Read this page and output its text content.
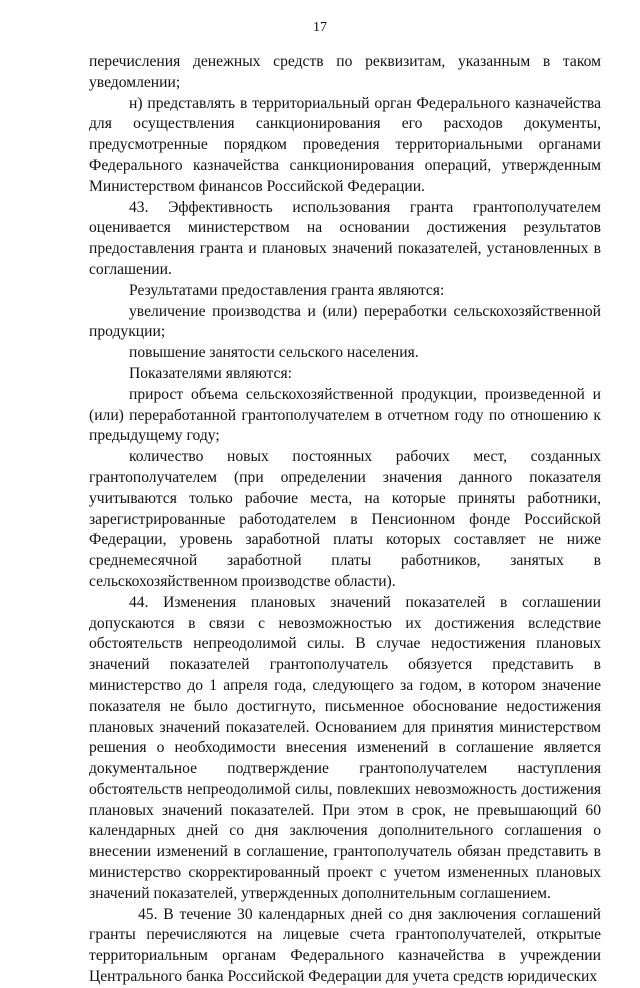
17

перечисления денежных средств по реквизитам, указанным в таком уведомлении;

н) представлять в территориальный орган Федерального казначейства для осуществления санкционирования его расходов документы, предусмотренные порядком проведения территориальными органами Федерального казначейства санкционирования операций, утвержденным Министерством финансов Российской Федерации.

43. Эффективность использования гранта грантополучателем оценивается министерством на основании достижения результатов предоставления гранта и плановых значений показателей, установленных в соглашении.

Результатами предоставления гранта являются:

увеличение производства и (или) переработки сельскохозяйственной продукции;

повышение занятости сельского населения.

Показателями являются:

прирост объема сельскохозяйственной продукции, произведенной и (или) переработанной грантополучателем в отчетном году по отношению к предыдущему году;

количество новых постоянных рабочих мест, созданных грантополучателем (при определении значения данного показателя учитываются только рабочие места, на которые приняты работники, зарегистрированные работодателем в Пенсионном фонде Российской Федерации, уровень заработной платы которых составляет не ниже среднемесячной заработной платы работников, занятых в сельскохозяйственном производстве области).

44. Изменения плановых значений показателей в соглашении допускаются в связи с невозможностью их достижения вследствие обстоятельств непреодолимой силы. В случае недостижения плановых значений показателей грантополучатель обязуется представить в министерство до 1 апреля года, следующего за годом, в котором значение показателя не было достигнуто, письменное обоснование недостижения плановых значений показателей. Основанием для принятия министерством решения о необходимости внесения изменений в соглашение является документальное подтверждение грантополучателем наступления обстоятельств непреодолимой силы, повлекших невозможность достижения плановых значений показателей. При этом в срок, не превышающий 60 календарных дней со дня заключения дополнительного соглашения о внесении изменений в соглашение, грантополучатель обязан представить в министерство скорректированный проект с учетом измененных плановых значений показателей, утвержденных дополнительным соглашением.

45. В течение 30 календарных дней со дня заключения соглашений гранты перечисляются на лицевые счета грантополучателей, открытые территориальным органам Федерального казначейства в учреждении Центрального банка Российской Федерации для учета средств юридических
